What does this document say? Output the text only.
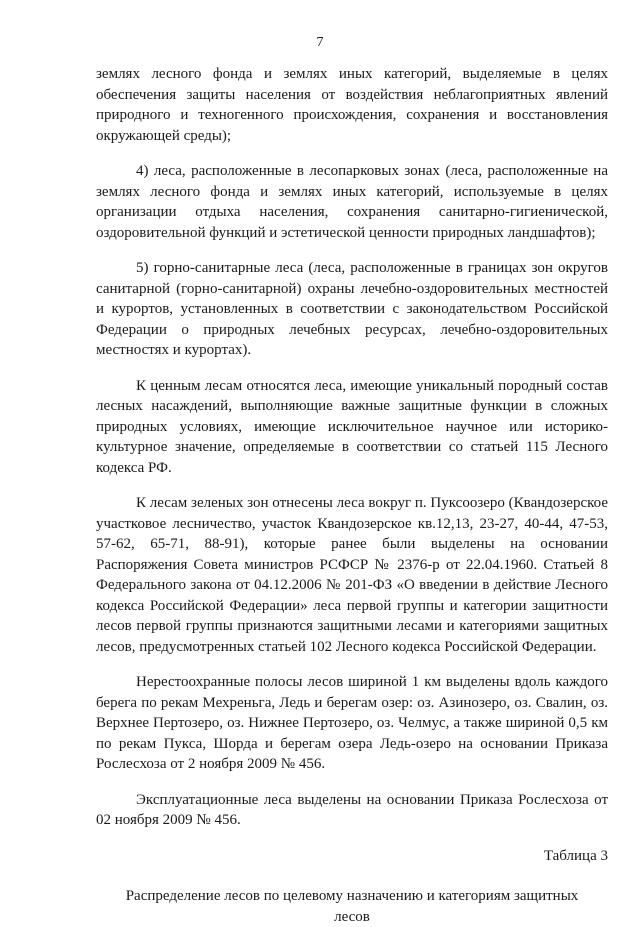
7

землях лесного фонда и землях иных категорий, выделяемые в целях обеспечения защиты населения от воздействия неблагоприятных явлений природного и техногенного происхождения, сохранения и восстановления окружающей среды);

4) леса, расположенные в лесопарковых зонах (леса, расположенные на землях лесного фонда и землях иных категорий, используемые в целях организации отдыха населения, сохранения санитарно-гигиенической, оздоровительной функций и эстетической ценности природных ландшафтов);

5) горно-санитарные леса (леса, расположенные в границах зон округов санитарной (горно-санитарной) охраны лечебно-оздоровительных местностей и курортов, установленных в соответствии с законодательством Российской Федерации о природных лечебных ресурсах, лечебно-оздоровительных местностях и курортах).

К ценным лесам относятся леса, имеющие уникальный породный состав лесных насаждений, выполняющие важные защитные функции в сложных природных условиях, имеющие исключительное научное или историко-культурное значение, определяемые в соответствии со статьей 115 Лесного кодекса РФ.

К лесам зеленых зон отнесены леса вокруг п. Пуксоозеро (Квандозерское участковое лесничество, участок Квандозерское кв.12,13, 23-27, 40-44, 47-53, 57-62, 65-71, 88-91), которые ранее были выделены на основании Распоряжения Совета министров РСФСР № 2376-р от 22.04.1960. Статьей 8 Федерального закона от 04.12.2006 № 201-ФЗ «О введении в действие Лесного кодекса Российской Федерации» леса первой группы и категории защитности лесов первой группы признаются защитными лесами и категориями защитных лесов, предусмотренных статьей 102 Лесного кодекса Российской Федерации.

Нерестоохранные полосы лесов шириной 1 км выделены вдоль каждого берега по рекам Мехреньга, Ледь и берегам озер: оз. Азинозеро, оз. Свалин, оз. Верхнее Пертозеро, оз. Нижнее Пертозеро, оз. Челмус, а также шириной 0,5 км по рекам Пукса, Шорда и берегам озера Ледь-озеро на основании Приказа Рослесхоза от 2 ноября 2009 № 456.

Эксплуатационные леса выделены на основании Приказа Рослесхоза от 02 ноября 2009 № 456.

Таблица 3
Распределение лесов по целевому назначению и категориям защитных лесов
